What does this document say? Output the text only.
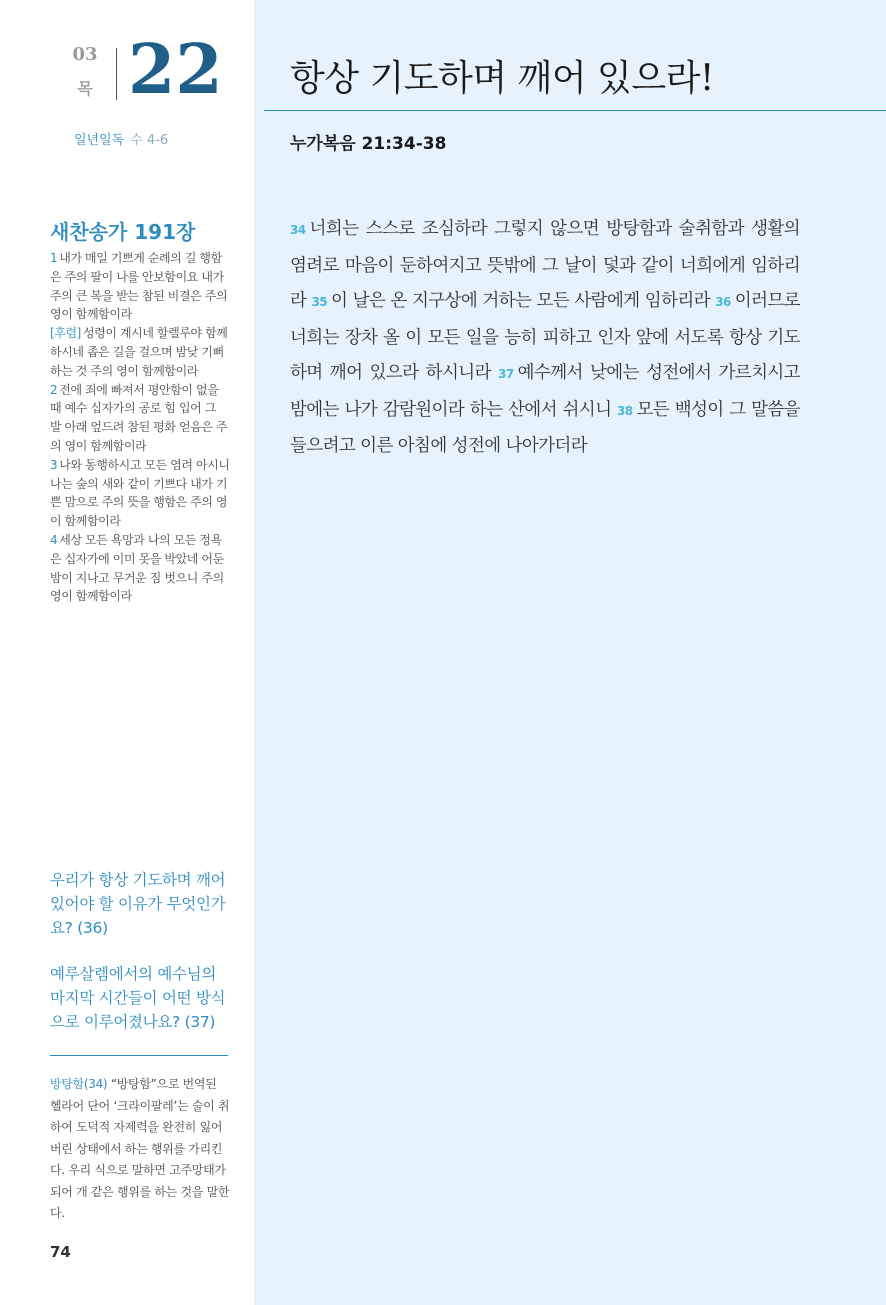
03
목 22
일년일독 수 4-6
새찬송가 191장
1 내가 매일 기쁘게 순례의 길 행함은 주의 팔이 나를 안보함이요 내가 주의 큰 복을 받는 참된 비결은 주의 영이 함께함이라
[후렴] 성령이 계시네 할렐루야 함께하시네 좁은 길을 걸으며 밤낮 기뻐하는 것 주의 영이 함께함이라
2 전에 죄에 빠져서 평안함이 없을 때 예수 십자가의 공로 힘 입어 그 발 아래 엎드려 참된 평화 얻음은 주의 영이 함께함이라
3 나와 동행하시고 모든 염려 아시니 나는 숲의 새와 같이 기쁘다 내가 기쁜 맘으로 주의 뜻을 행함은 주의 영이 함께함이라
4 세상 모든 욕망과 나의 모든 정욕은 십자가에 이미 못을 박았네 어둔 밤이 지나고 무거운 짐 벗으니 주의 영이 함께함이라
우리가 항상 기도하며 깨어 있어야 할 이유가 무엇인가요? (36)
예루살렘에서의 예수님의 마지막 시간들이 어떤 방식으로 이루어졌나요? (37)
방탕함(34) “방탕함”으로 번역된 헬라어 단어 ‘크라이팔레’는 술이 취하여 도덕적 자제력을 완전히 잃어버린 상태에서 하는 행위를 가리킨다. 우리 식으로 말하면 고주망태가 되어 개 같은 행위를 하는 것을 말한다.
74
항상 기도하며 깨어 있으라!
누가복음 21:34-38
34 너희는 스스로 조심하라 그렇지 않으면 방탕함과 술취함과 생활의 염려로 마음이 둔하여지고 뜻밖에 그 날이 덫과 같이 너희에게 임하리라 35 이 날은 온 지구상에 거하는 모든 사람에게 임하리라 36 이러므로 너희는 장차 올 이 모든 일을 능히 피하고 인자 앞에 서도록 항상 기도하며 깨어 있으라 하시니라 37 예수께서 낮에는 성전에서 가르치시고 밤에는 나가 감람원이라 하는 산에서 쉬시니 38 모든 백성이 그 말씀을 들으려고 이른 아침에 성전에 나아가더라
